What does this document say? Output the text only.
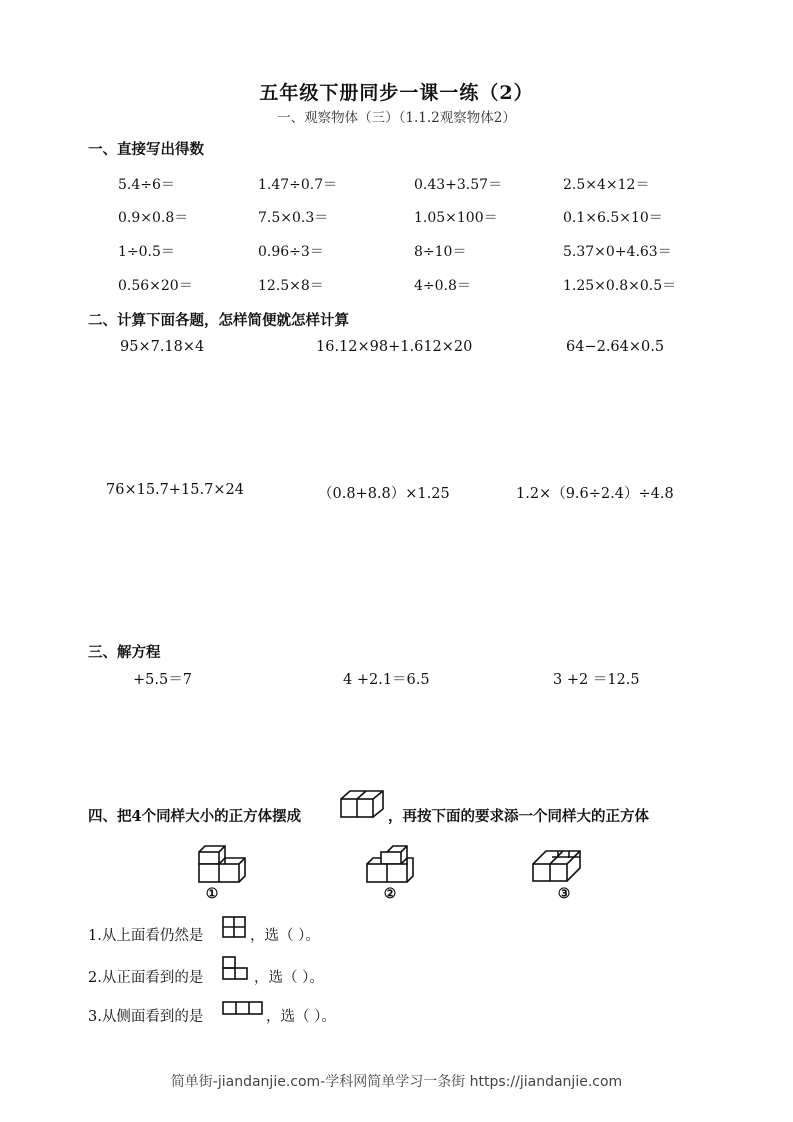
五年级下册同步一课一练（2）
一、观察物体（三）（1.1.2观察物体2）
一、直接写出得数
5.4÷6＝	1.47÷0.7＝	0.43+3.57＝	2.5×4×12＝
0.9×0.8＝	7.5×0.3＝	1.05×100＝	0.1×6.5×10＝
1÷0.5＝	0.96÷3＝	8÷10＝	5.37×0+4.63＝
0.56×20＝	12.5×8＝	4÷0.8＝	1.25×0.8×0.5＝
二、计算下面各题，怎样简便就怎样计算
95×7.18×4	16.12×98+1.612×20	64−2.64×0.5
76×15.7+15.7×24	（0.8+8.8）×1.25	1.2×（9.6÷2.4）÷4.8
三、解方程
+5.5＝7	4 +2.1＝6.5	3 +2 ＝12.5
四、把4个同样大小的正方体摆成	，再按下面的要求添一个同样大的正方体
①	②	③
1.从上面看仍然是	，选（ ）。
2.从正面看到的是	，选（ ）。
3.从侧面看到的是	，选（ ）。
简单街-jiandanjie.com-学科网简单学习一条街 https://jiandanjie.com
